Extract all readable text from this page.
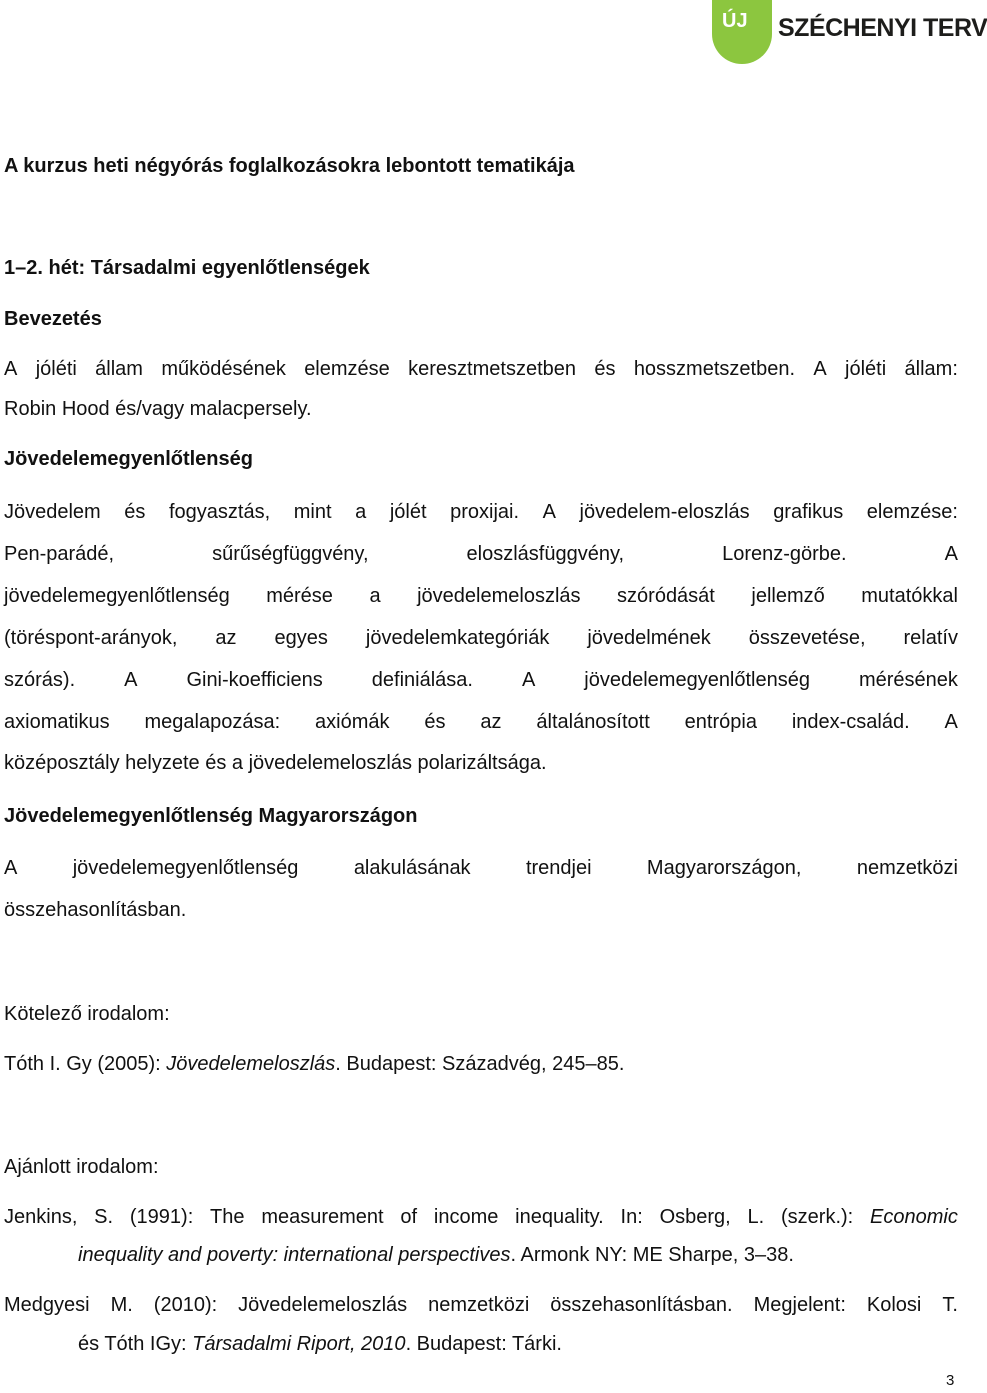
ÚJ SZÉCHENYI TERV
A kurzus heti négyórás foglalkozásokra lebontott tematikája
1–2. hét: Társadalmi egyenlőtlenségek
Bevezetés
A jóléti állam működésének elemzése keresztmetszetben és hosszmetszetben. A jóléti állam:
Robin Hood és/vagy malacpersely.
Jövedelemegyenlőtlenség
Jövedelem és fogyasztás, mint a jólét proxijai. A jövedelem-eloszlás grafikus elemzése:
Pen-parádé,	sűrűségfüggvény,	eloszlásfüggvény,	Lorenz-görbe.	A
jövedelemegyenlőtlenség mérése a jövedelemeloszlás szóródását jellemző mutatókkal
(töréspont-arányok, az egyes jövedelemkategóriák jövedelmének összevetése, relatív
szórás). A Gini-koefficiens definiálása. A jövedelemegyenlőtlenség mérésének
axiomatikus megalapozása: axiómák és az általánosított entrópia index-család. A
középosztály helyzete és a jövedelemeloszlás polarizáltsága.
Jövedelemegyenlőtlenség Magyarországon
A	jövedelemegyenlőtlenség	alakulásának	trendjei	Magyarországon,	nemzetközi
összehasonlításban.
Kötelező irodalom:
Tóth I. Gy (2005): Jövedelemeloszlás. Budapest: Századvég, 245–85.
Ajánlott irodalom:
Jenkins, S. (1991): The measurement of income inequality. In: Osberg, L. (szerk.): Economic
inequality and poverty: international perspectives. Armonk NY: ME Sharpe, 3–38.
Medgyesi M. (2010): Jövedelemeloszlás nemzetközi összehasonlításban. Megjelent: Kolosi T.
és Tóth IGy: Társadalmi Riport, 2010. Budapest: Tárki.
3
